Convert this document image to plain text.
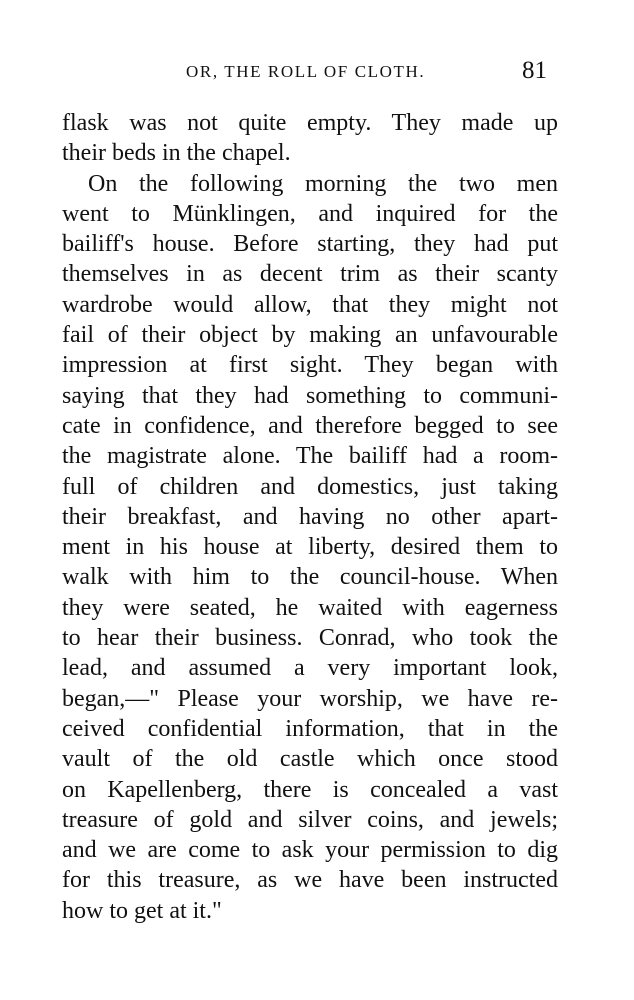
OR, THE ROLL OF CLOTH.	81
flask was not quite empty. They made up
their beds in the chapel.
On the following morning the two men
went to Münklingen, and inquired for the
bailiff's house. Before starting, they had put
themselves in as decent trim as their scanty
wardrobe would allow, that they might not
fail of their object by making an unfavourable
impression at first sight. They began with
saying that they had something to communi-
cate in confidence, and therefore begged to see
the magistrate alone. The bailiff had a room-
full of children and domestics, just taking
their breakfast, and having no other apart-
ment in his house at liberty, desired them to
walk with him to the council-house. When
they were seated, he waited with eagerness
to hear their business. Conrad, who took the
lead, and assumed a very important look,
began,—" Please your worship, we have re-
ceived confidential information, that in the
vault of the old castle which once stood
on Kapellenberg, there is concealed a vast
treasure of gold and silver coins, and jewels;
and we are come to ask your permission to dig
for this treasure, as we have been instructed
how to get at it."
